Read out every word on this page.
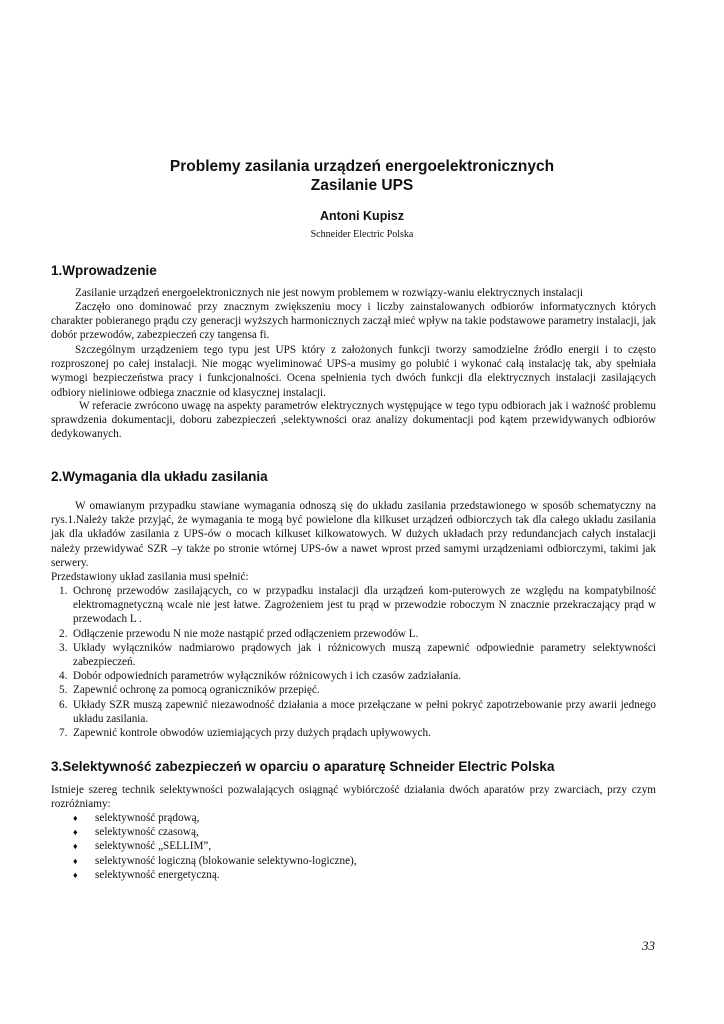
Problemy zasilania urządzeń energoelektronicznych
Zasilanie UPS
Antoni Kupisz
Schneider Electric Polska
1.Wprowadzenie
Zasilanie urządzeń energoelektronicznych nie jest nowym problemem w rozwiązy-waniu elektrycznych instalacji
Zaczęło ono dominować przy znacznym zwiększeniu mocy i liczby zainstalowanych odbiorów informatycznych których charakter pobieranego prądu czy generacji wyższych harmonicznych zaczął mieć wpływ na takie podstawowe parametry instalacji, jak dobór przewodów, zabezpieczeń czy tangensa fi.
Szczególnym urządzeniem tego typu jest UPS który z założonych funkcji tworzy samodzielne źródło energii i to często rozproszonej po całej instalacji. Nie mogąc wyeliminować UPS-a musimy go polubić i wykonać całą instalację tak, aby spełniała wymogi bezpieczeństwa pracy i funkcjonalności. Ocena spełnienia tych dwóch funkcji dla elektrycznych instalacji zasilających odbiory nieliniowe odbiega znacznie od klasycznej instalacji.
W referacie zwrócono uwagę na aspekty parametrów elektrycznych występujące w tego typu odbiorach jak i ważność problemu sprawdzenia dokumentacji, doboru zabezpieczeń ,selektywności oraz analizy dokumentacji pod kątem przewidywanych odbiorów dedykowanych.
2.Wymagania dla układu zasilania
W omawianym przypadku stawiane wymagania odnoszą się do układu zasilania przedstawionego w sposób schematyczny na rys.1.Należy także przyjąć, że wymagania te mogą być powielone dla kilkuset urządzeń odbiorczych tak dla całego układu zasilania jak dla układów zasilania z UPS-ów o mocach kilkuset kilkowatowych. W dużych układach przy redundancjach całych instalacji należy przewidywać SZR –y także po stronie wtórnej UPS-ów a nawet wprost przed samymi urządzeniami odbiorczymi, takimi jak serwery.
Przedstawiony układ zasilania musi spełnić:
1. Ochronę przewodów zasilających, co w przypadku instalacji dla urządzeń kom-puterowych ze względu na kompatybilność elektromagnetyczną wcale nie jest łatwe. Zagrożeniem jest tu prąd w przewodzie roboczym N znacznie przekraczający prąd w przewodach L .
2. Odłączenie przewodu N nie może nastąpić przed odłączeniem przewodów L.
3. Układy wyłączników nadmiarowo prądowych jak i różnicowych muszą zapewnić odpowiednie parametry selektywności zabezpieczeń.
4. Dobór odpowiednich parametrów wyłączników różnicowych i ich czasów zadziałania.
5. Zapewnić ochronę za pomocą ograniczników przepięć.
6. Układy SZR muszą zapewnić niezawodność działania a moce przełączane w pełni pokryć zapotrzebowanie przy awarii jednego układu zasilania.
7. Zapewnić kontrole obwodów uziemiających przy dużych prądach upływowych.
3.Selektywność zabezpieczeń w oparciu o aparaturę Schneider Electric Polska
Istnieje szereg technik selektywności pozwalających osiągnąć wybiórczość działania dwóch aparatów przy zwarciach, przy czym rozróżniamy:
♦ selektywność prądową,
♦ selektywność czasową,
♦ selektywność „SELLIM”,
♦ selektywność logiczną (blokowanie selektywno-logiczne),
♦ selektywność energetyczną.
33
